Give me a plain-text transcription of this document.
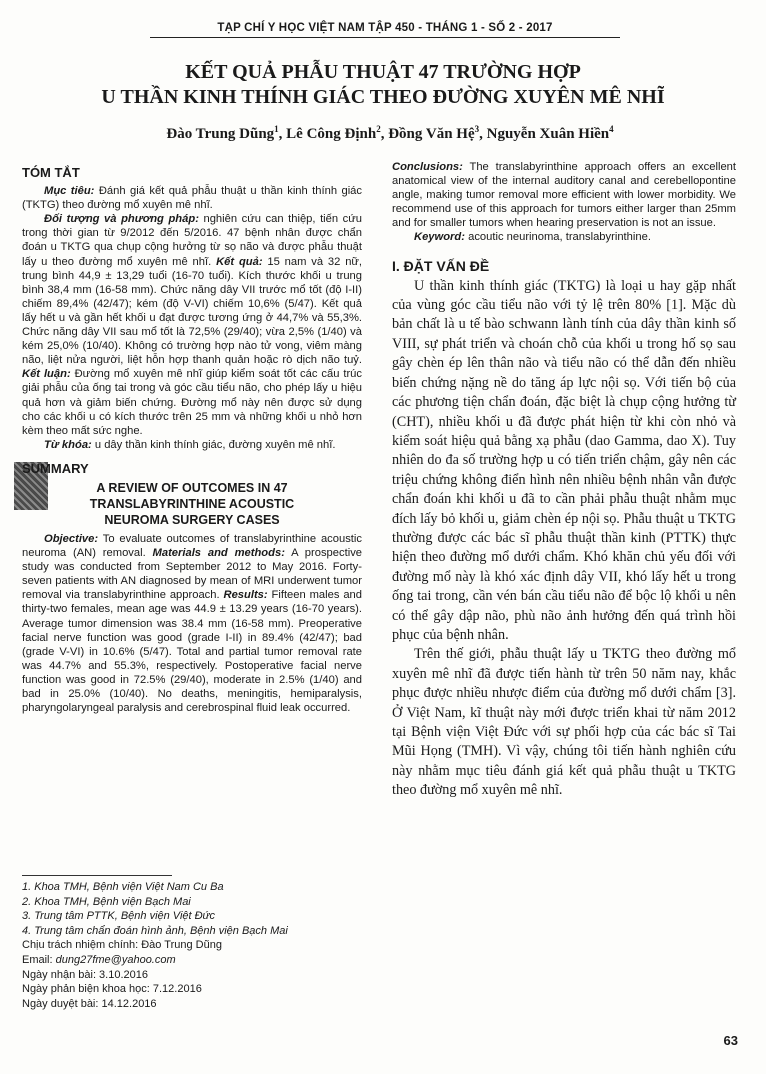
TẠP CHÍ Y HỌC VIỆT NAM TẬP 450 - THÁNG 1 - SỐ 2 - 2017
KẾT QUẢ PHẪU THUẬT 47 TRƯỜNG HỢP
U THẦN KINH THÍNH GIÁC THEO ĐƯỜNG XUYÊN MÊ NHĨ
Đào Trung Dũng$^1$, Lê Công Định$^2$, Đồng Văn Hệ$^3$, Nguyễn Xuân Hiền$^4$
TÓM TẮT

Mục tiêu: Đánh giá kết quả phẫu thuật u thần kinh thính giác (TKTG) theo đường mổ xuyên mê nhĩ.

Đối tượng và phương pháp: nghiên cứu can thiệp, tiến cứu trong thời gian từ 9/2012 đến 5/2016. 47 bệnh nhân được chẩn đoán u TKTG qua chụp cộng hưởng từ sọ não và được phẫu thuật lấy u theo đường mổ xuyên mê nhĩ. Kết quả: 15 nam và 32 nữ, trung bình 44,9 ± 13,29 tuổi (16-70 tuổi). Kích thước khối u trung bình 38,4 mm (16-58 mm). Chức năng dây VII trước mổ tốt (độ I-II) chiếm 89,4% (42/47); kém (độ V-VI) chiếm 10,6% (5/47). Kết quả lấy hết u và gần hết khối u đạt được tương ứng ở 44,7% và 55,3%. Chức năng dây VII sau mổ tốt là 72,5% (29/40); vừa 2,5% (1/40) và kém 25,0% (10/40). Không có trường hợp nào tử vong, viêm màng não, liệt nửa người, liệt hỗn hợp thanh quản hoặc rò dịch não tuỷ. Kết luận: Đường mổ xuyên mê nhĩ giúp kiểm soát tốt các cấu trúc giải phẫu của ống tai trong và góc cầu tiểu não, cho phép lấy u hiệu quả hơn và giảm biến chứng. Đường mổ này nên được sử dụng cho các khối u có kích thước trên 25 mm và những khối u nhỏ hơn kèm theo mất sức nghe.

Từ khóa: u dây thần kinh thính giác, đường xuyên mê nhĩ.

SUMMARY
A REVIEW OF OUTCOMES IN 47
TRANSLABYRINTHINE ACOUSTIC
NEUROMA SURGERY CASES

Objective: To evaluate outcomes of translabyrinthine acoustic neuroma (AN) removal. Materials and methods: A prospective study was conducted from September 2012 to May 2016. Forty-seven patients with AN diagnosed by mean of MRI underwent tumor removal via translabyrinthine approach. Results: Fifteen males and thirty-two females, mean age was 44.9 ± 13.29 years (16-70 years). Average tumor dimension was 38.4 mm (16-58 mm). Preoperative facial nerve function was good (grade I-II) in 89.4% (42/47); bad (grade V-VI) in 10.6% (5/47). Total and partial tumor removal rate was 44.7% and 55.3%, respectively. Postoperative facial nerve function was good in 72.5% (29/40), moderate in 2.5% (1/40) and bad in 25.0% (10/40). No deaths, meningitis, hemiparalysis, pharyngolaryngeal paralysis and cerebrospinal fluid leak occurred.

1. Khoa TMH, Bệnh viện Việt Nam Cu Ba
2. Khoa TMH, Bệnh viện Bạch Mai
3. Trung tâm PTTK, Bệnh viện Việt Đức
4. Trung tâm chẩn đoán hình ảnh, Bệnh viện Bạch Mai
Chịu trách nhiệm chính: Đào Trung Dũng
Email: dung27fme@yahoo.com
Ngày nhận bài: 3.10.2016
Ngày phản biện khoa học: 7.12.2016
Ngày duyệt bài: 14.12.2016

Conclusions: The translabyrinthine approach offers an excellent anatomical view of the internal auditory canal and cerebellopontine angle, making tumor removal more efficient with lower morbidity. We recommend use of this approach for tumors either larger than 25mm and for smaller tumors when hearing preservation is not an issue.

Keyword: acoutic neurinoma, translabyrinthine.

I. ĐẶT VẤN ĐỀ

U thần kinh thính giác (TKTG) là loại u hay gặp nhất của vùng góc cầu tiểu não với tỷ lệ trên 80% [1]. Mặc dù bản chất là u tế bào schwann lành tính của dây thần kinh số VIII, sự phát triển và choán chỗ của khối u trong hố sọ sau gây chèn ép lên thân não và tiểu não có thể dẫn đến nhiều biến chứng nặng nề do tăng áp lực nội sọ. Với tiến bộ của các phương tiện chẩn đoán, đặc biệt là chụp cộng hưởng từ (CHT), nhiều khối u đã được phát hiện từ khi còn nhỏ và kiểm soát hiệu quả bằng xạ phẫu (dao Gamma, dao X). Tuy nhiên do đa số trường hợp u có tiến triển chậm, gây nên các triệu chứng không điển hình nên nhiều bệnh nhân vẫn được chẩn đoán khi khối u đã to cần phải phẫu thuật nhằm mục đích lấy bỏ khối u, giảm chèn ép nội sọ. Phẫu thuật u TKTG thường được các bác sĩ phẫu thuật thần kinh (PTTK) thực hiện theo đường mổ dưới chẩm. Khó khăn chủ yếu đối với đường mổ này là khó xác định dây VII, khó lấy hết u trong ống tai trong, cần vén bán cầu tiểu não để bộc lộ khối u nên có thể gây dập não, phù não ảnh hưởng đến quá trình hồi phục của bệnh nhân.

Trên thế giới, phẫu thuật lấy u TKTG theo đường mổ xuyên mê nhĩ đã được tiến hành từ trên 50 năm nay, khắc phục được nhiều nhược điểm của đường mổ dưới chẩm [3]. Ở Việt Nam, kĩ thuật này mới được triển khai từ năm 2012 tại Bệnh viện Việt Đức với sự phối hợp của các bác sĩ Tai Mũi Họng (TMH). Vì vậy, chúng tôi tiến hành nghiên cứu này nhằm mục tiêu đánh giá kết quả phẫu thuật u TKTG theo đường mổ xuyên mê nhĩ.

63
